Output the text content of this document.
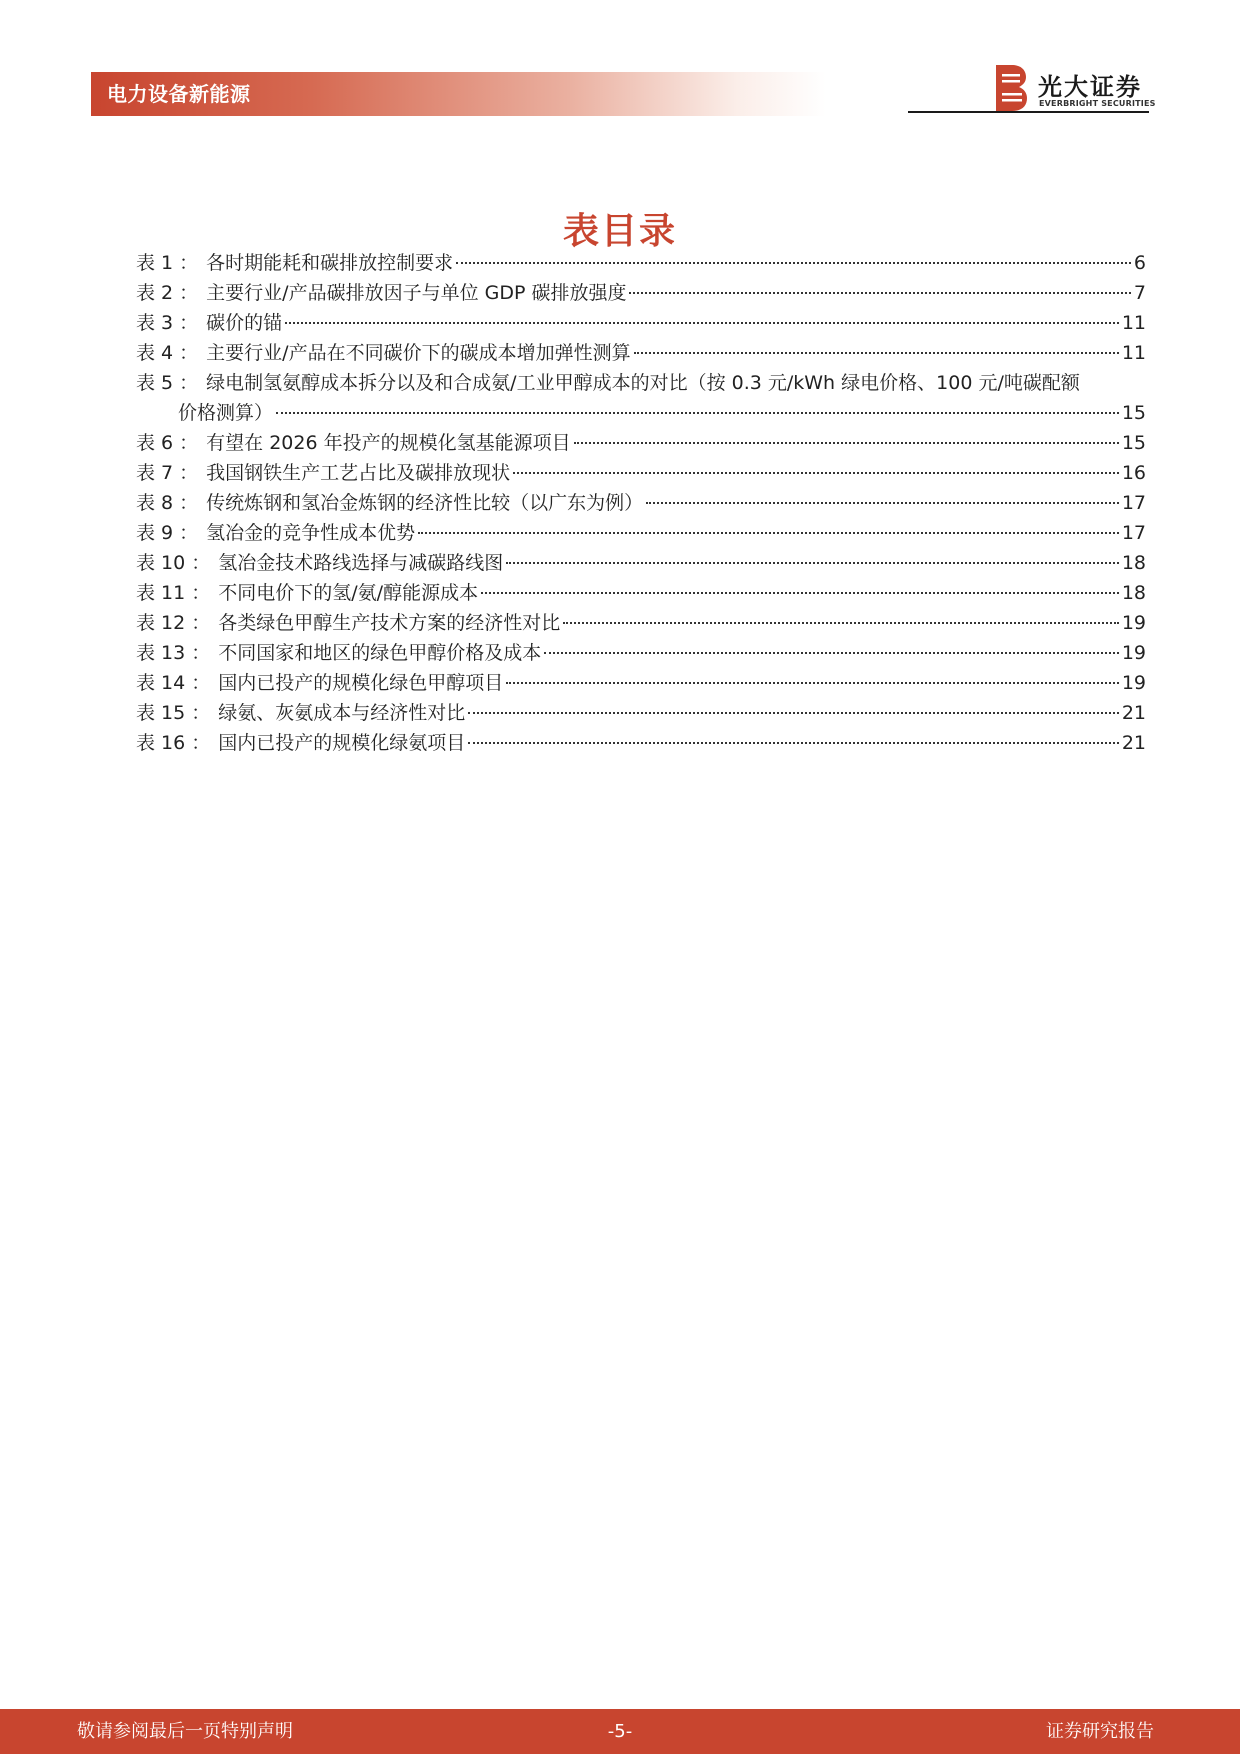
电力设备新能源	光大证券
EVERBRIGHT SECURITIES
表目录
表 1 ： 各时期能耗和碳排放控制要求	6
表 2 ： 主要行业/产品碳排放因子与单位 GDP 碳排放强度	7
表 3 ： 碳价的锚	11
表 4 ： 主要行业/产品在不同碳价下的碳成本增加弹性测算	11
表 5 ： 绿电制氢氨醇成本拆分以及和合成氨/工业甲醇成本的对比（按 0.3 元/kWh 绿电价格、100 元/吨碳配额
价格测算）	15
表 6 ： 有望在 2026 年投产的规模化氢基能源项目	15
表 7 ： 我国钢铁生产工艺占比及碳排放现状	16
表 8 ： 传统炼钢和氢冶金炼钢的经济性比较（以广东为例）	17
表 9 ： 氢冶金的竞争性成本优势	17
表 10 ： 氢冶金技术路线选择与减碳路线图	18
表 11 ： 不同电价下的氢/氨/醇能源成本	18
表 12 ： 各类绿色甲醇生产技术方案的经济性对比	19
表 13 ： 不同国家和地区的绿色甲醇价格及成本	19
表 14 ： 国内已投产的规模化绿色甲醇项目	19
表 15 ： 绿氨、灰氨成本与经济性对比	21
表 16 ： 国内已投产的规模化绿氨项目	21
敬请参阅最后一页特别声明	-5-	证券研究报告
